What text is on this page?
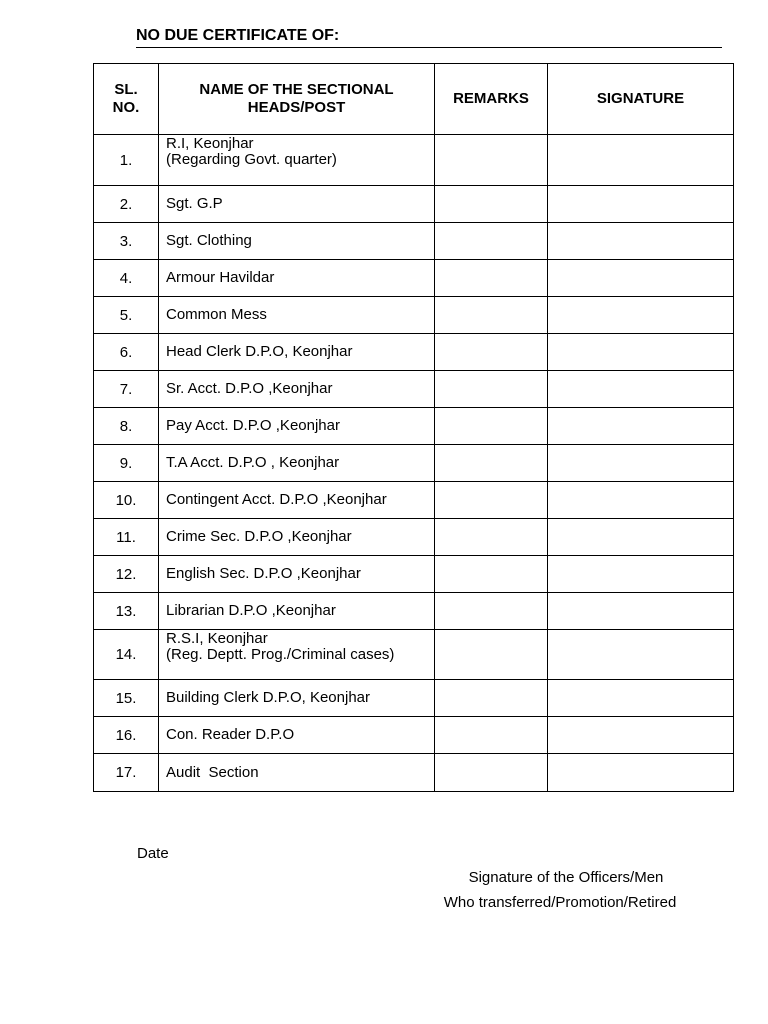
NO DUE CERTIFICATE OF:
SL. NO.	NAME OF THE SECTIONAL HEADS/POST	REMARKS	SIGNATURE
1.	R.I, Keonjhar
(Regarding Govt. quarter)		

2.	Sgt. G.P		

3.	Sgt. Clothing		

4.	Armour Havildar		

5.	Common Mess		

6.	Head Clerk D.P.O, Keonjhar		

7.	Sr. Acct. D.P.O ,Keonjhar		

8.	Pay Acct. D.P.O ,Keonjhar		

9.	T.A Acct. D.P.O , Keonjhar		

10.	Contingent Acct. D.P.O ,Keonjhar		

11.	Crime Sec. D.P.O ,Keonjhar		

12.	English Sec. D.P.O ,Keonjhar		

13.	Librarian D.P.O ,Keonjhar		

14.	R.S.I, Keonjhar
(Reg. Deptt. Prog./Criminal cases)		

15.	Building Clerk D.P.O, Keonjhar		

16.	Con. Reader D.P.O		

17.	Audit  Section		

Date
Signature of the Officers/Men
Who transferred/Promotion/Retired
